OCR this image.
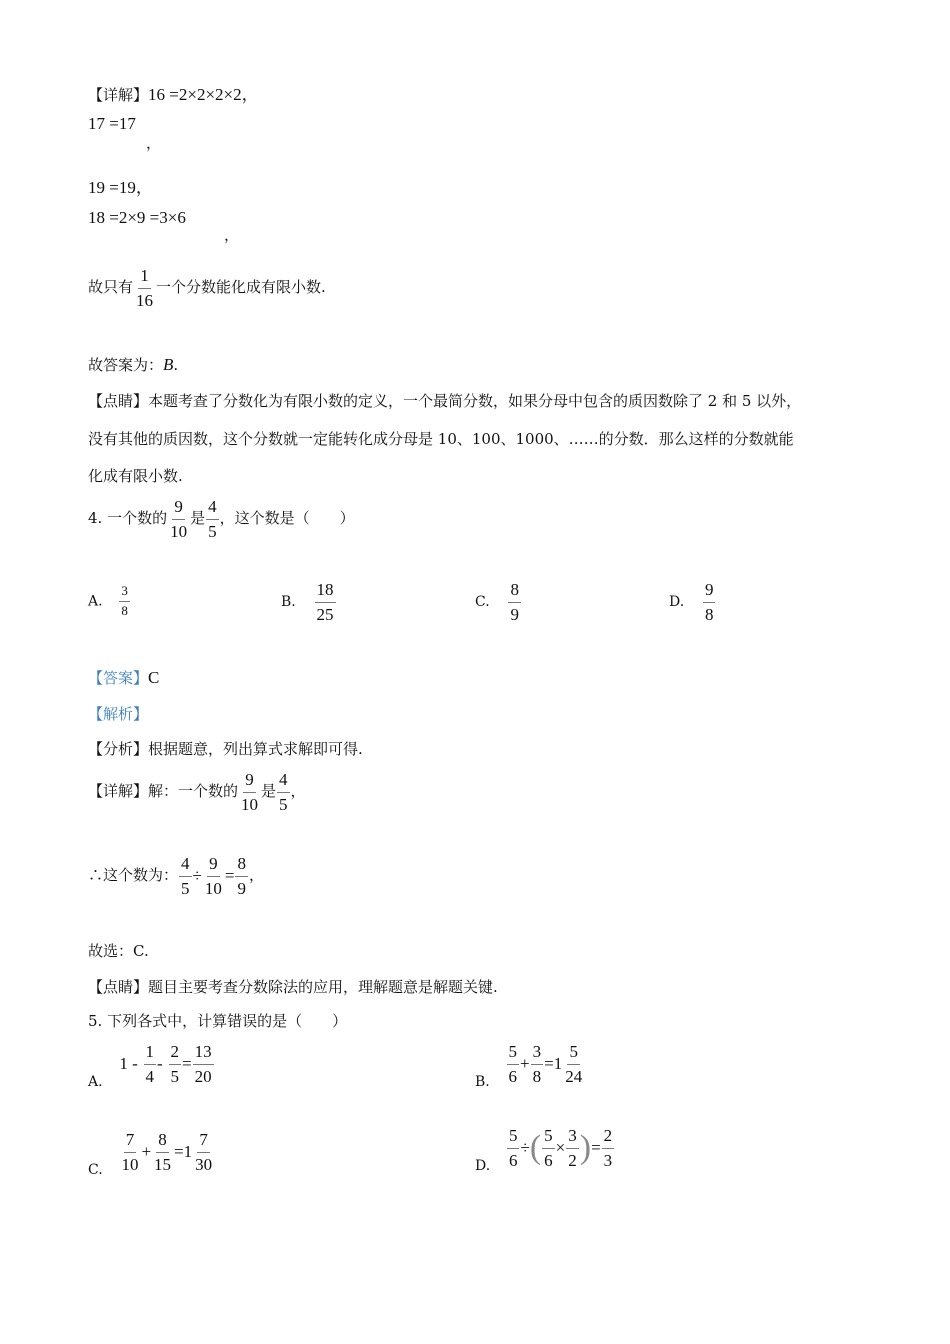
【详解】16 =2×2×2×2，
17 =17
，
19 =19，
18 =2×9 =3×6
，
故只有 $\frac{1}{16}$ 一个分数能化成有限小数.
故答案为：B.
【点睛】本题考查了分数化为有限小数的定义，一个最简分数，如果分母中包含的质因数除了 2 和 5 以外，
没有其他的质因数，这个分数就一定能转化成分母是 10、100、1000、……的分数．那么这样的分数就能
化成有限小数.
4. 一个数的 $\frac{9}{10}$ 是 $\frac{4}{5}$ ，这个数是（　　）
A. $\frac{3}{8}$	B. $\frac{18}{25}$	C. $\frac{8}{9}$	D. $\frac{9}{8}$
【答案】C
【解析】
【分析】根据题意，列出算式求解即可得.
【详解】解：一个数的 $\frac{9}{10}$ 是 $\frac{4}{5}$ ，
∴这个数为： $\frac{4}{5} \div \frac{9}{10} = \frac{8}{9}$ ，
故选：C.
【点睛】题目主要考查分数除法的应用，理解题意是解题关键.
5. 下列各式中，计算错误的是（　　）
A. $1 - \frac{1}{4} - \frac{2}{5} = \frac{13}{20}$	B. $\frac{5}{6} + \frac{3}{8} =1 \frac{5}{24}$
C. $\frac{7}{10} + \frac{8}{15} =1 \frac{7}{30}$	D. $\frac{5}{6}$ ÷( $\frac{5}{6} \times \frac{3}{2}$ )= $\frac{2}{3}$
